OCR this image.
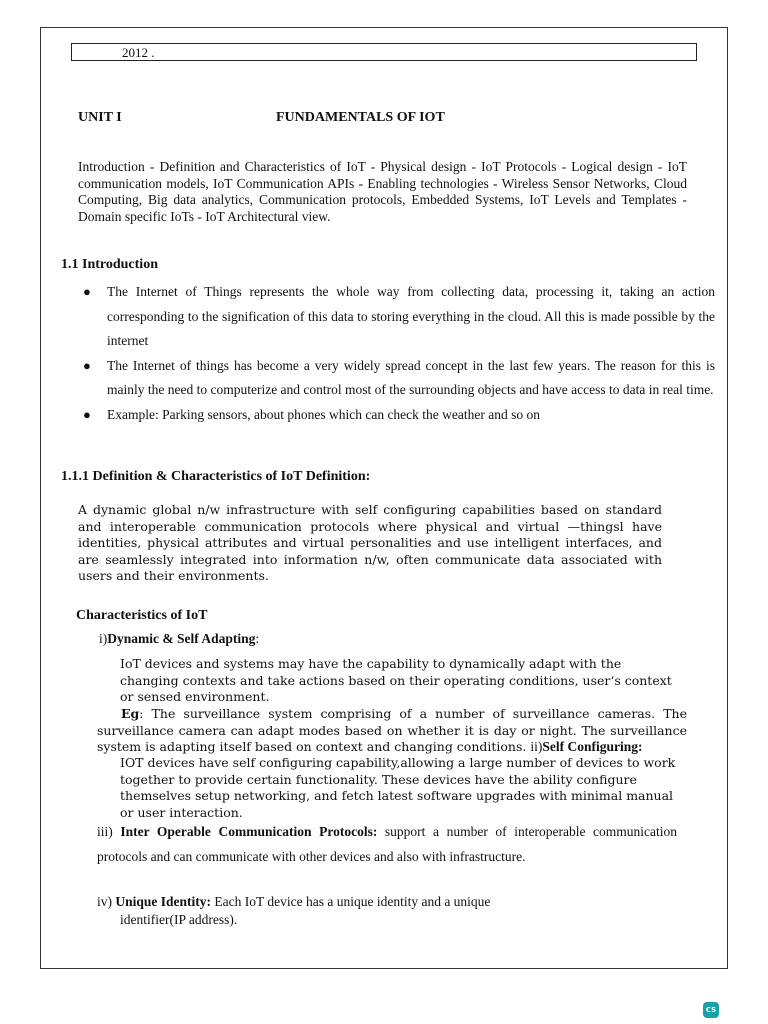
2012 .
UNIT I	FUNDAMENTALS OF IOT
Introduction - Definition and Characteristics of IoT - Physical design - IoT Protocols - Logical design - IoT communication models, IoT Communication APIs - Enabling technologies - Wireless Sensor Networks, Cloud Computing, Big data analytics, Communication protocols, Embedded Systems, IoT Levels and Templates - Domain specific IoTs - IoT Architectural view.
1.1 Introduction
● The Internet of Things represents the whole way from collecting data, processing it, taking an action corresponding to the signification of this data to storing everything in the cloud. All this is made possible by the internet
● The Internet of things has become a very widely spread concept in the last few years. The reason for this is mainly the need to computerize and control most of the surrounding objects and have access to data in real time.
● Example: Parking sensors, about phones which can check the weather and so on
1.1.1 Definition & Characteristics of IoT Definition:
A dynamic global n/w infrastructure with self configuring capabilities based on standard and interoperable communication protocols where physical and virtual —thingsl have identities, physical attributes and virtual personalities and use intelligent interfaces, and are seamlessly integrated into information n/w, often communicate data associated with users and their environments.
Characteristics of IoT
i)Dynamic & Self Adapting:
IoT devices and systems may have the capability to dynamically adapt with the changing contexts and take actions based on their operating conditions, user‘s context or sensed environment.
Eg: The surveillance system comprising of a number of surveillance cameras. The surveillance camera can adapt modes based on whether it is day or night. The surveillance system is adapting itself based on context and changing conditions. ii)Self Configuring:
IOT devices have self configuring capability,allowing a large number of devices to work together to provide certain functionality. These devices have the ability configure themselves setup networking, and fetch latest software upgrades with minimal manual or user interaction.
iii) Inter Operable Communication Protocols: support a number of interoperable communication protocols and can communicate with other devices and also with infrastructure.
iv) Unique Identity: Each IoT device has a unique identity and a unique
identifier(IP address).
CS
